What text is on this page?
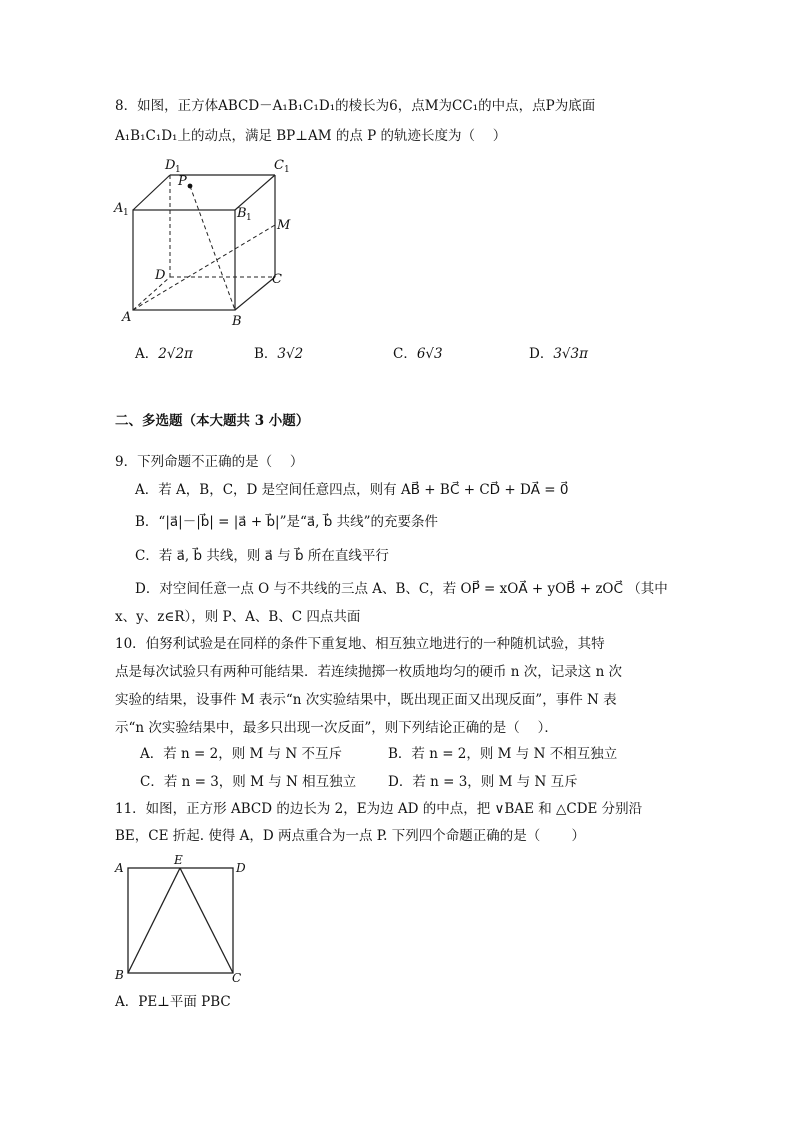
8．如图，正方体ABCD－A₁B₁C₁D₁的棱长为6，点M为CC₁的中点，点P为底面
A₁B₁C₁D₁上的动点，满足 BP⊥AM 的点 P 的轨迹长度为（　 ）
D 1	C 1
A 1	B 1
P
M
D	C
A	B
A．2√2π	B．3√2	C．6√3	D．3√3π
二、多选题（本大题共 3 小题）
9．下列命题不正确的是（　 ）
A．若 A，B，C，D 是空间任意四点，则有 AB⃗ + BC⃗ + CD⃗ + DA⃗ = 0⃗
B．“|a⃗|－|b⃗| = |a⃗ + b⃗|”是“a⃗, b⃗ 共线”的充要条件
C．若 a⃗, b⃗ 共线，则 a⃗ 与 b⃗ 所在直线平行
D．对空间任意一点 O 与不共线的三点 A、B、C，若 OP⃗ = xOA⃗ + yOB⃗ + zOC⃗ （其中
x、y、z∈R），则 P、A、B、C 四点共面
10．伯努利试验是在同样的条件下重复地、相互独立地进行的一种随机试验，其特
点是每次试验只有两种可能结果．若连续抛掷一枚质地均匀的硬币 n 次，记录这 n 次
实验的结果，设事件 M 表示“n 次实验结果中，既出现正面又出现反面”，事件 N 表
示“n 次实验结果中，最多只出现一次反面”，则下列结论正确的是（　 ）．
A．若 n = 2，则 M 与 N 不互斥	B．若 n = 2，则 M 与 N 不相互独立
C．若 n = 3，则 M 与 N 相互独立 D．若 n = 3，则 M 与 N 互斥
11．如图，正方形 ABCD 的边长为 2，E为边 AD 的中点，把 ∨BAE 和 △CDE 分别沿
BE，CE 折起. 使得 A，D 两点重合为一点 P. 下列四个命题正确的是（　　 ）
A
E
D
B	C
A．PE⊥平面 PBC
